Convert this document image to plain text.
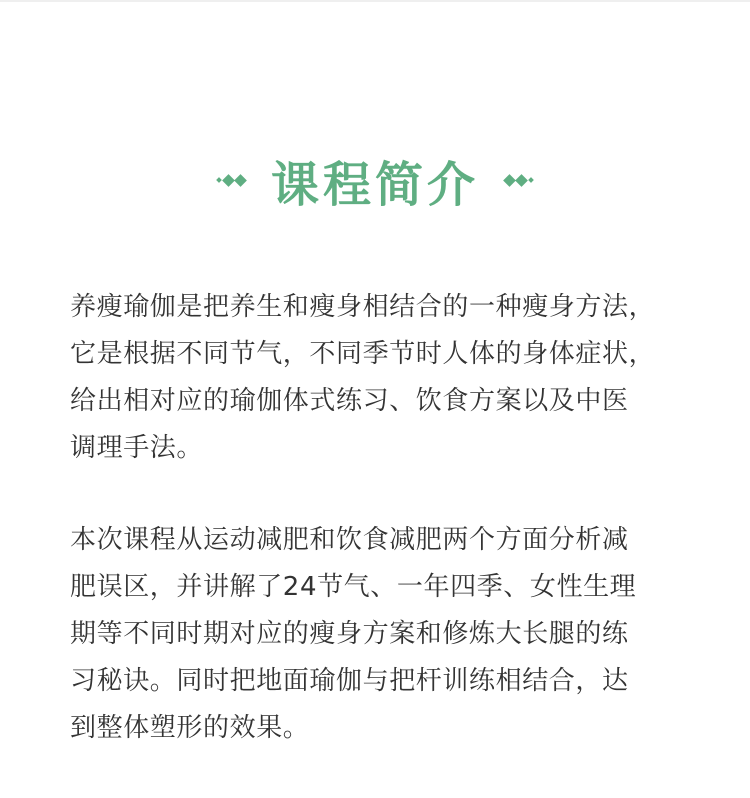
课程简介

养瘦瑜伽是把养生和瘦身相结合的一种瘦身方法，
它是根据不同节气，不同季节时人体的身体症状，
给出相对应的瑜伽体式练习、饮食方案以及中医
调理手法。

本次课程从运动减肥和饮食减肥两个方面分析减
肥误区，并讲解了24节气、一年四季、女性生理
期等不同时期对应的瘦身方案和修炼大长腿的练
习秘诀。同时把地面瑜伽与把杆训练相结合，达
到整体塑形的效果。
